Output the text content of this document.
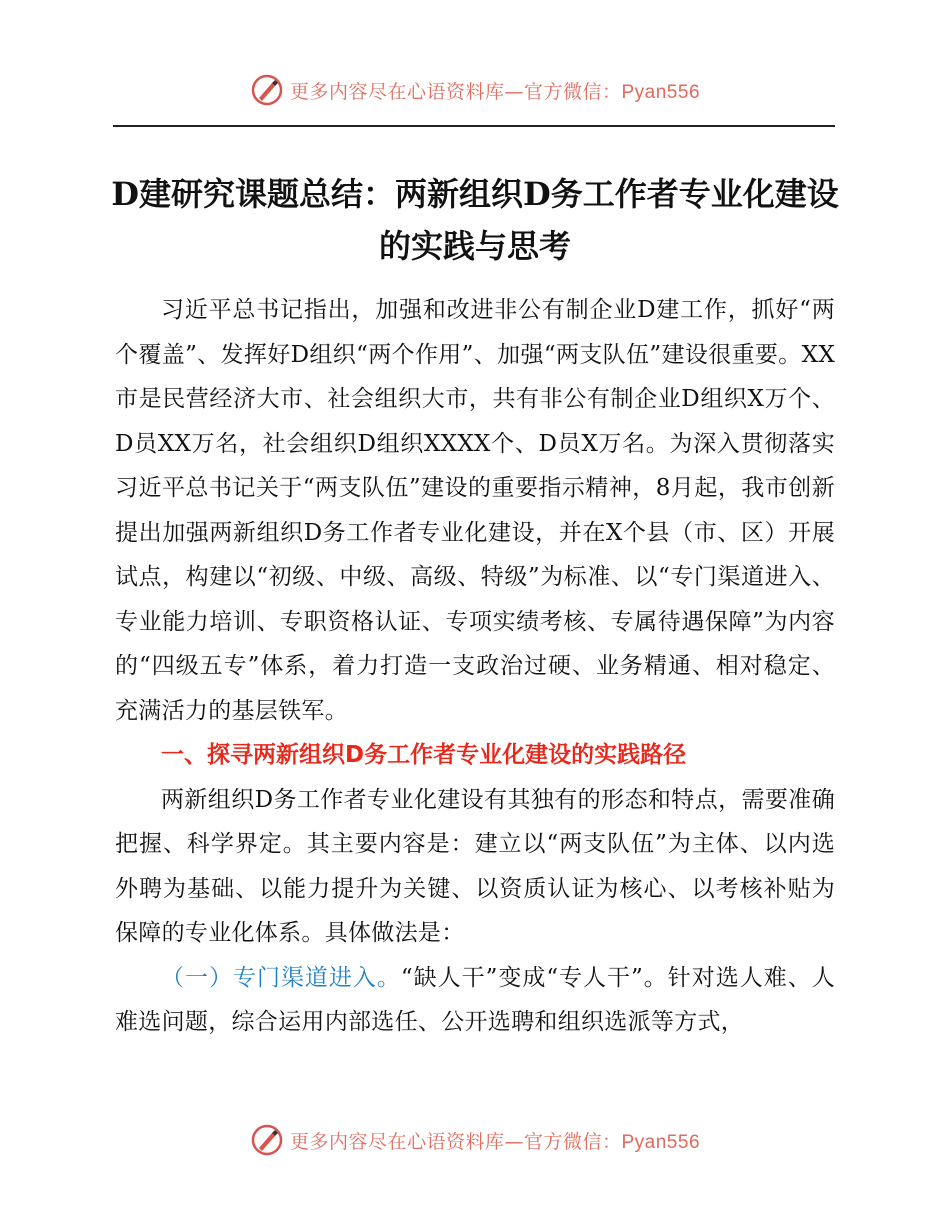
更多内容尽在心语资料库—官方微信：Pyan556
D建研究课题总结：两新组织D务工作者专业化建设的实践与思考

习近平总书记指出，加强和改进非公有制企业D建工作，抓好“两个覆盖”、发挥好D组织“两个作用”、加强“两支队伍”建设很重要。XX市是民营经济大市、社会组织大市，共有非公有制企业D组织X万个、D员XX万名，社会组织D组织XXXX个、D员X万名。为深入贯彻落实习近平总书记关于“两支队伍”建设的重要指示精神，8月起，我市创新提出加强两新组织D务工作者专业化建设，并在X个县（市、区）开展试点，构建以“初级、中级、高级、特级”为标准、以“专门渠道进入、专业能力培训、专职资格认证、专项实绩考核、专属待遇保障”为内容的“四级五专”体系，着力打造一支政治过硬、业务精通、相对稳定、充满活力的基层铁军。

一、探寻两新组织D务工作者专业化建设的实践路径

两新组织D务工作者专业化建设有其独有的形态和特点，需要准确把握、科学界定。其主要内容是：建立以“两支队伍”为主体、以内选外聘为基础、以能力提升为关键、以资质认证为核心、以考核补贴为保障的专业化体系。具体做法是：

（一）专门渠道进入。“缺人干”变成“专人干”。针对选人难、人难选问题，综合运用内部选任、公开选聘和组织选派等方式，

更多内容尽在心语资料库—官方微信：Pyan556
